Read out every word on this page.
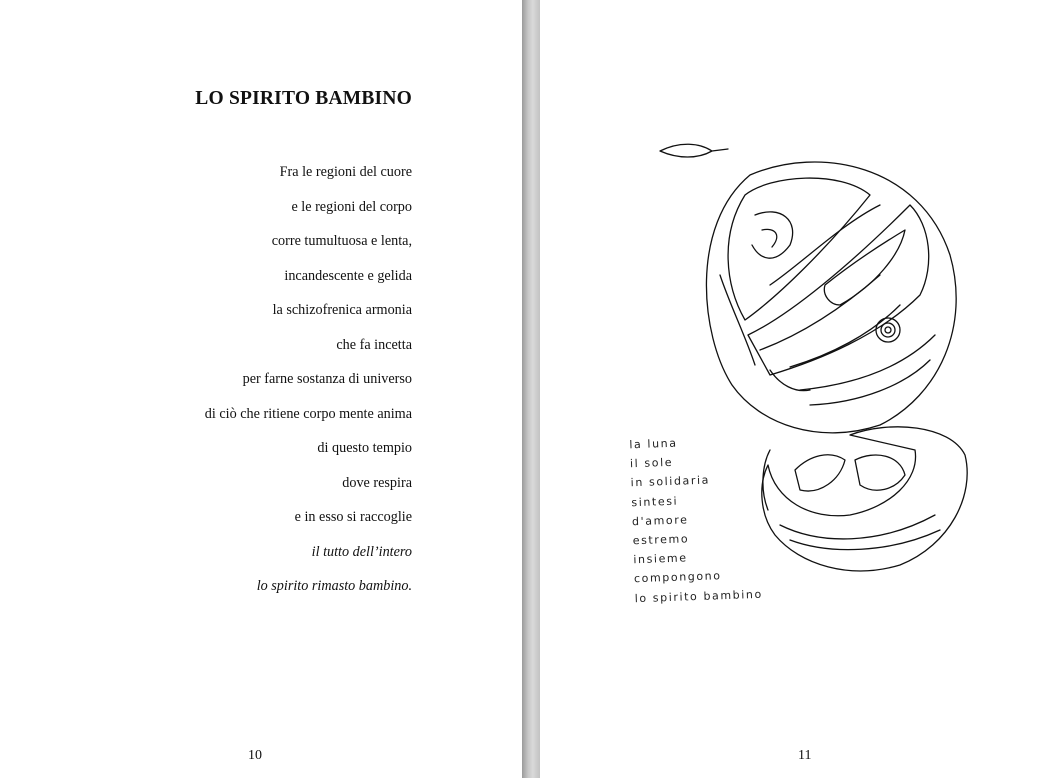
LO SPIRITO BAMBINO
Fra le regioni del cuore
e le regioni del corpo
corre tumultuosa e lenta,
incandescente e gelida
la schizofrenica armonia
che fa incetta
per farne sostanza di universo
di ciò che ritiene corpo mente anima
di questo tempio
dove respira
e in esso si raccoglie
il tutto dell’intero
lo spirito rimasto bambino.
10
la luna
il sole
in solidaria
sintesi
d'amore
estremo
insieme
compongono
lo spirito bambino
11
